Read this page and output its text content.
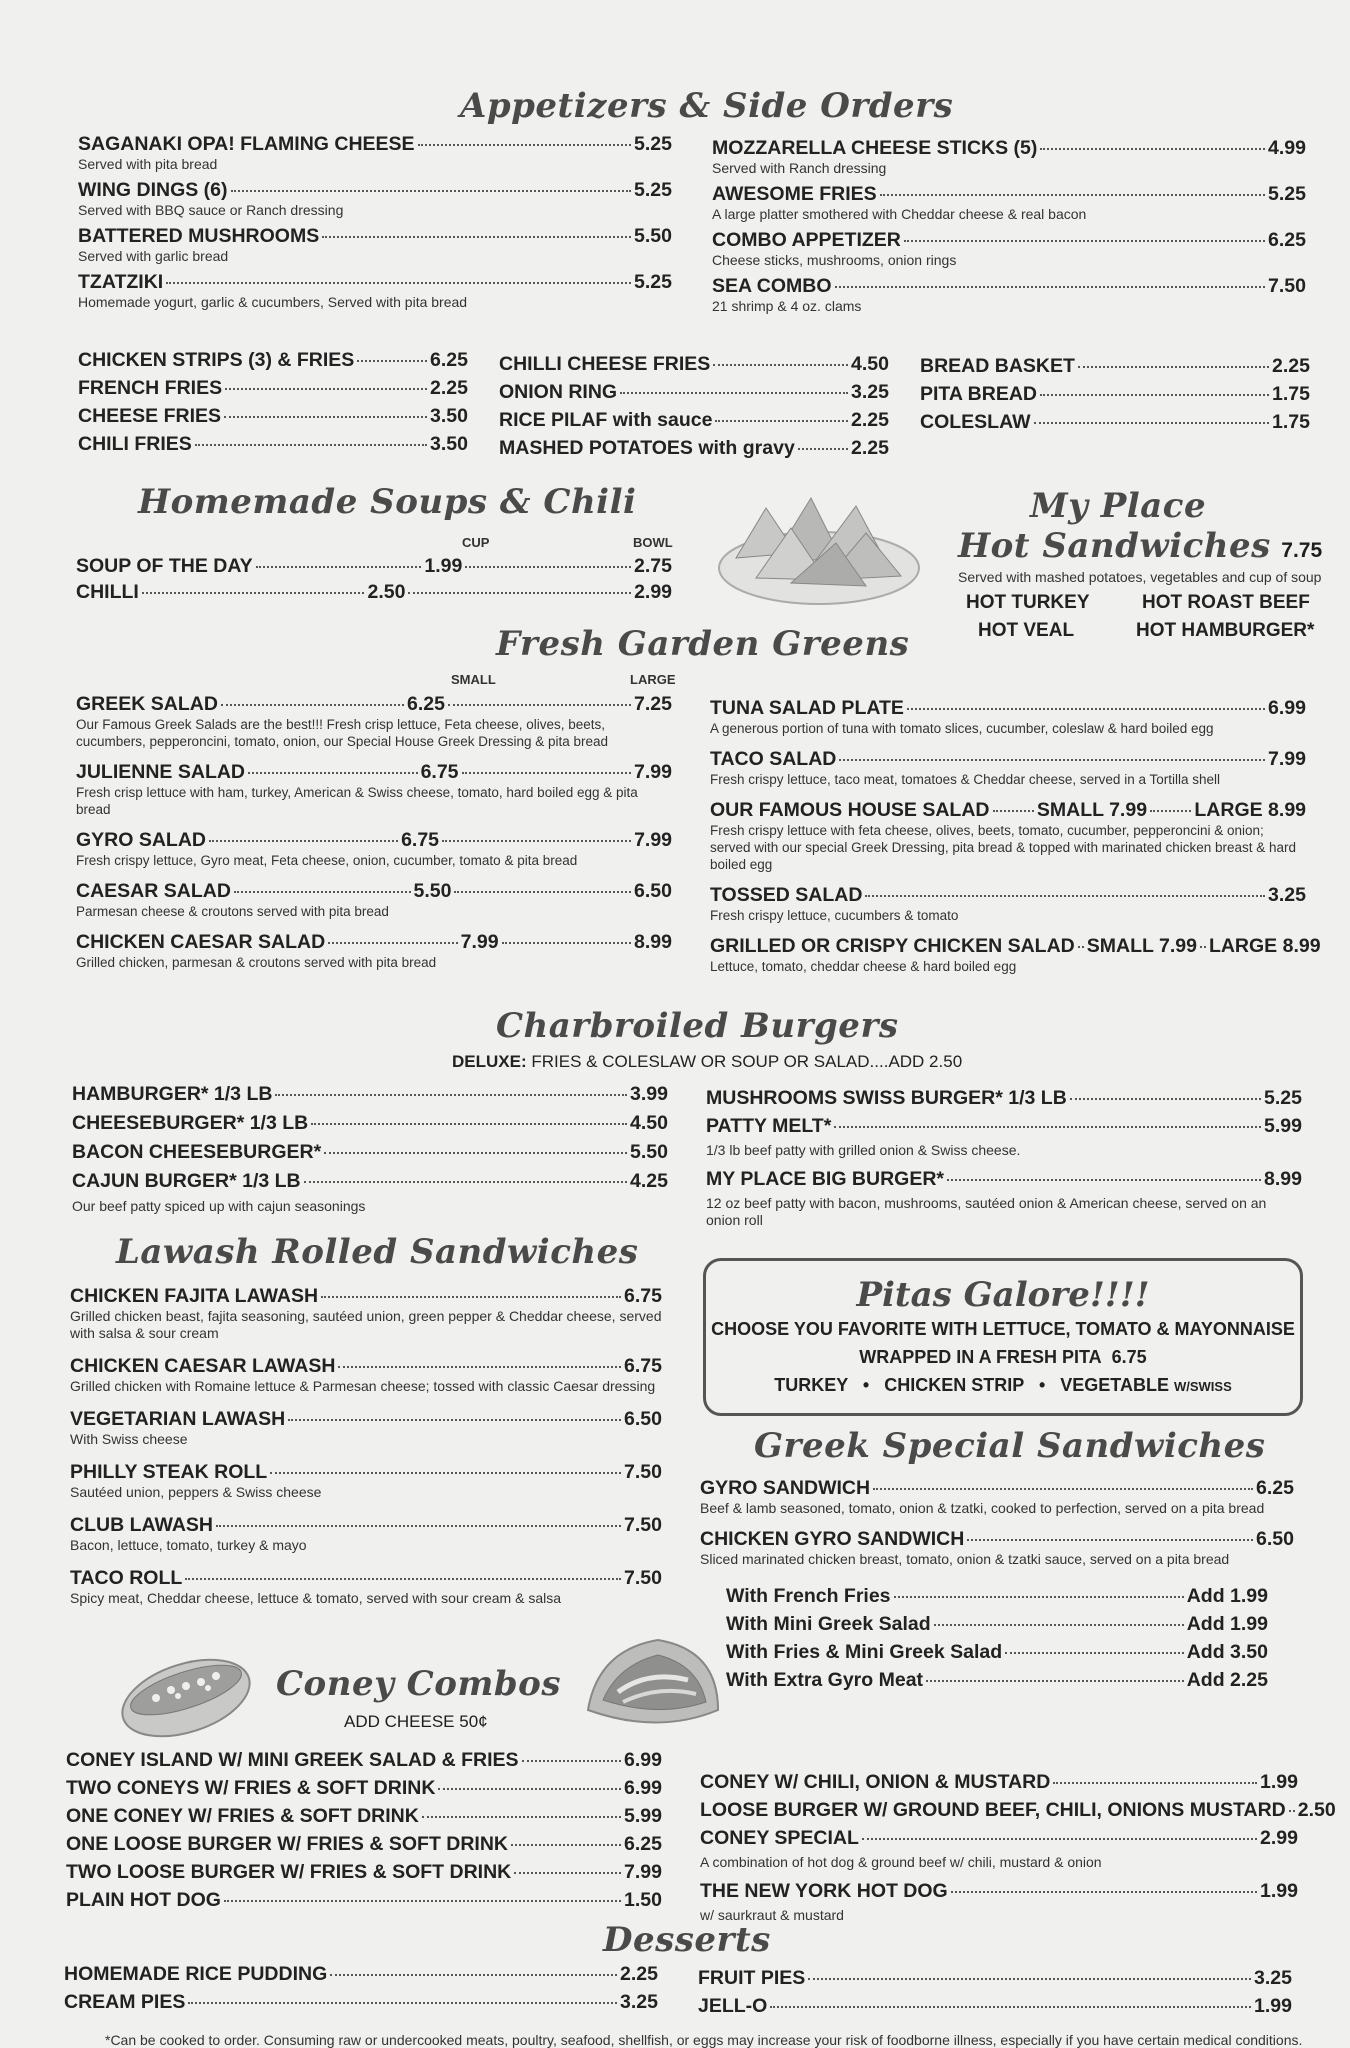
Appetizers & Side Orders
SAGANAKI OPA! FLAMING CHEESE	5.25
Served with pita bread
WING DINGS (6)	5.25
Served with BBQ sauce or Ranch dressing
BATTERED MUSHROOMS	5.50
Served with garlic bread
TZATZIKI	5.25
Homemade yogurt, garlic & cucumbers, Served with pita bread
MOZZARELLA CHEESE STICKS (5)	4.99
Served with Ranch dressing
AWESOME FRIES	5.25
A large platter smothered with Cheddar cheese & real bacon
COMBO APPETIZER	6.25
Cheese sticks, mushrooms, onion rings
SEA COMBO	7.50
21 shrimp & 4 oz. clams
CHICKEN STRIPS (3) & FRIES	6.25
FRENCH FRIES	2.25
CHEESE FRIES	3.50
CHILI FRIES	3.50
CHILLI CHEESE FRIES	4.50
ONION RING	3.25
RICE PILAF with sauce	2.25
MASHED POTATOES with gravy	2.25
BREAD BASKET	2.25
PITA BREAD	1.75
COLESLAW	1.75
Homemade Soups & Chili
CUP	BOWL
SOUP OF THE DAY	1.99	2.75
CHILLI	2.50	2.99
My Place
Hot Sandwiches 7.75
Served with mashed potatoes, vegetables and cup of soup
HOT TURKEY	HOT ROAST BEEF
HOT VEAL	HOT HAMBURGER*
Fresh Garden Greens
SMALL	LARGE
GREEK SALAD	6.25	7.25
Our Famous Greek Salads are the best!!! Fresh crisp lettuce, Feta cheese, olives, beets, cucumbers, pepperoncini, tomato, onion, our Special House Greek Dressing & pita bread
JULIENNE SALAD	6.75	7.99
Fresh crisp lettuce with ham, turkey, American & Swiss cheese, tomato, hard boiled egg & pita bread
GYRO SALAD	6.75	7.99
Fresh crispy lettuce, Gyro meat, Feta cheese, onion, cucumber, tomato & pita bread
CAESAR SALAD	5.50	6.50
Parmesan cheese & croutons served with pita bread
CHICKEN CAESAR SALAD	7.99	8.99
Grilled chicken, parmesan & croutons served with pita bread
TUNA SALAD PLATE	6.99
A generous portion of tuna with tomato slices, cucumber, coleslaw & hard boiled egg
TACO SALAD	7.99
Fresh crispy lettuce, taco meat, tomatoes & Cheddar cheese, served in a Tortilla shell
OUR FAMOUS HOUSE SALAD SMALL 7.99 LARGE 8.99
Fresh crispy lettuce with feta cheese, olives, beets, tomato, cucumber, pepperoncini & onion; served with our special Greek Dressing, pita bread & topped with marinated chicken breast & hard boiled egg
TOSSED SALAD	3.25
Fresh crispy lettuce, cucumbers & tomato
GRILLED OR CRISPY CHICKEN SALAD SMALL 7.99 LARGE 8.99
Lettuce, tomato, cheddar cheese & hard boiled egg
Charbroiled Burgers
DELUXE: FRIES & COLESLAW OR SOUP OR SALAD....ADD 2.50
HAMBURGER* 1/3 LB	3.99
CHEESEBURGER* 1/3 LB	4.50
BACON CHEESEBURGER*	5.50
CAJUN BURGER* 1/3 LB	4.25
Our beef patty spiced up with cajun seasonings
MUSHROOMS SWISS BURGER* 1/3 LB	5.25
PATTY MELT*	5.99
1/3 lb beef patty with grilled onion & Swiss cheese.
MY PLACE BIG BURGER*	8.99
12 oz beef patty with bacon, mushrooms, sautéed onion & American cheese, served on an onion roll
Lawash Rolled Sandwiches
CHICKEN FAJITA LAWASH	6.75
Grilled chicken beast, fajita seasoning, sautéed union, green pepper & Cheddar cheese, served with salsa & sour cream
CHICKEN CAESAR LAWASH	6.75
Grilled chicken with Romaine lettuce & Parmesan cheese; tossed with classic Caesar dressing
VEGETARIAN LAWASH	6.50
With Swiss cheese
PHILLY STEAK ROLL	7.50
Sautéed union, peppers & Swiss cheese
CLUB LAWASH	7.50
Bacon, lettuce, tomato, turkey & mayo
TACO ROLL	7.50
Spicy meat, Cheddar cheese, lettuce & tomato, served with sour cream & salsa
Pitas Galore!!!!
CHOOSE YOU FAVORITE WITH LETTUCE, TOMATO & MAYONNAISE
WRAPPED IN A FRESH PITA 6.75
TURKEY • CHICKEN STRIP • VEGETABLE W/SWISS
Greek Special Sandwiches
GYRO SANDWICH	6.25
Beef & lamb seasoned, tomato, onion & tzatki, cooked to perfection, served on a pita bread
CHICKEN GYRO SANDWICH	6.50
Sliced marinated chicken breast, tomato, onion & tzatki sauce, served on a pita bread
With French Fries	Add 1.99
With Mini Greek Salad	Add 1.99
With Fries & Mini Greek Salad	Add 3.50
With Extra Gyro Meat	Add 2.25
Coney Combos
ADD CHEESE 50¢
CONEY ISLAND W/ MINI GREEK SALAD & FRIES	6.99
TWO CONEYS W/ FRIES & SOFT DRINK	6.99
ONE CONEY W/ FRIES & SOFT DRINK	5.99
ONE LOOSE BURGER W/ FRIES & SOFT DRINK	6.25
TWO LOOSE BURGER W/ FRIES & SOFT DRINK	7.99
PLAIN HOT DOG	1.50
CONEY W/ CHILI, ONION & MUSTARD	1.99
LOOSE BURGER W/ GROUND BEEF, CHILI, ONIONS MUSTARD 2.50
CONEY SPECIAL	2.99
A combination of hot dog & ground beef w/ chili, mustard & onion
THE NEW YORK HOT DOG	1.99
w/ saurkraut & mustard
Desserts
HOMEMADE RICE PUDDING	2.25
CREAM PIES	3.25
FRUIT PIES	3.25
JELL-O	1.99
*Can be cooked to order. Consuming raw or undercooked meats, poultry, seafood, shellfish, or eggs may increase your risk of foodborne illness, especially if you have certain medical conditions.
